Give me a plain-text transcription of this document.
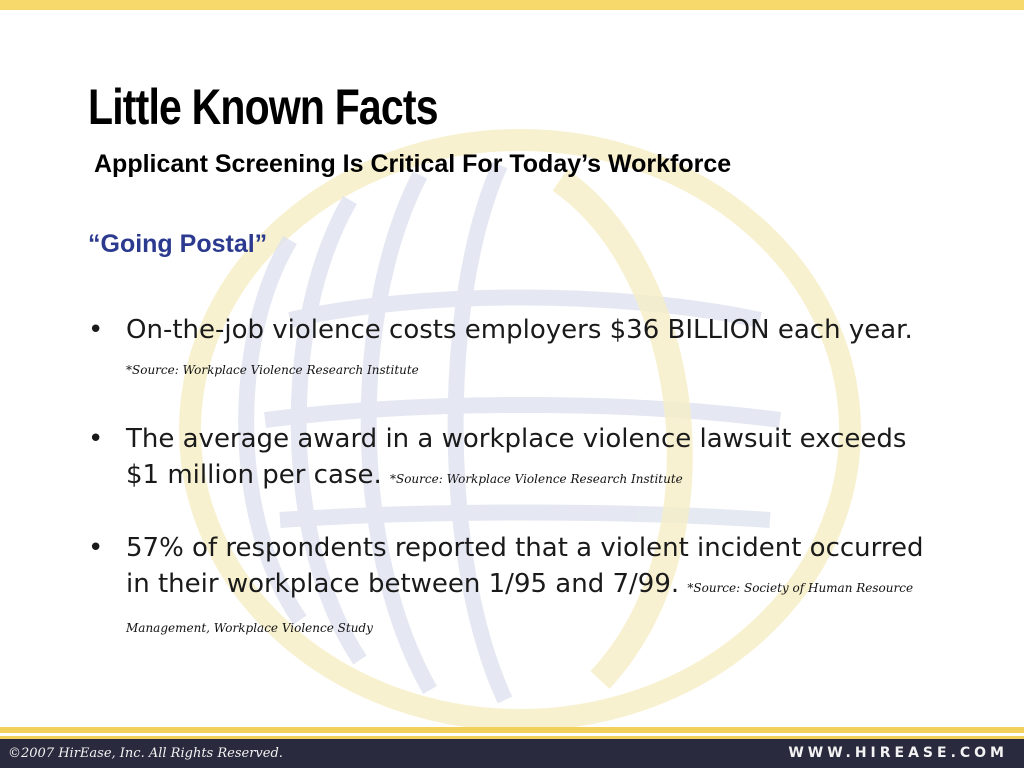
Little Known Facts
Applicant Screening Is Critical For Today’s Workforce
“Going Postal”
• On-the-job violence costs employers $36 BILLION each year. *Source: Workplace Violence Research Institute
• The average award in a workplace violence lawsuit exceeds $1 million per case. *Source: Workplace Violence Research Institute
• 57% of respondents reported that a violent incident occurred in their workplace between 1/95 and 7/99. *Source: Society of Human Resource Management, Workplace Violence Study
©2007 HirEase, Inc. All Rights Reserved.	WWW.HIREASE.COM
